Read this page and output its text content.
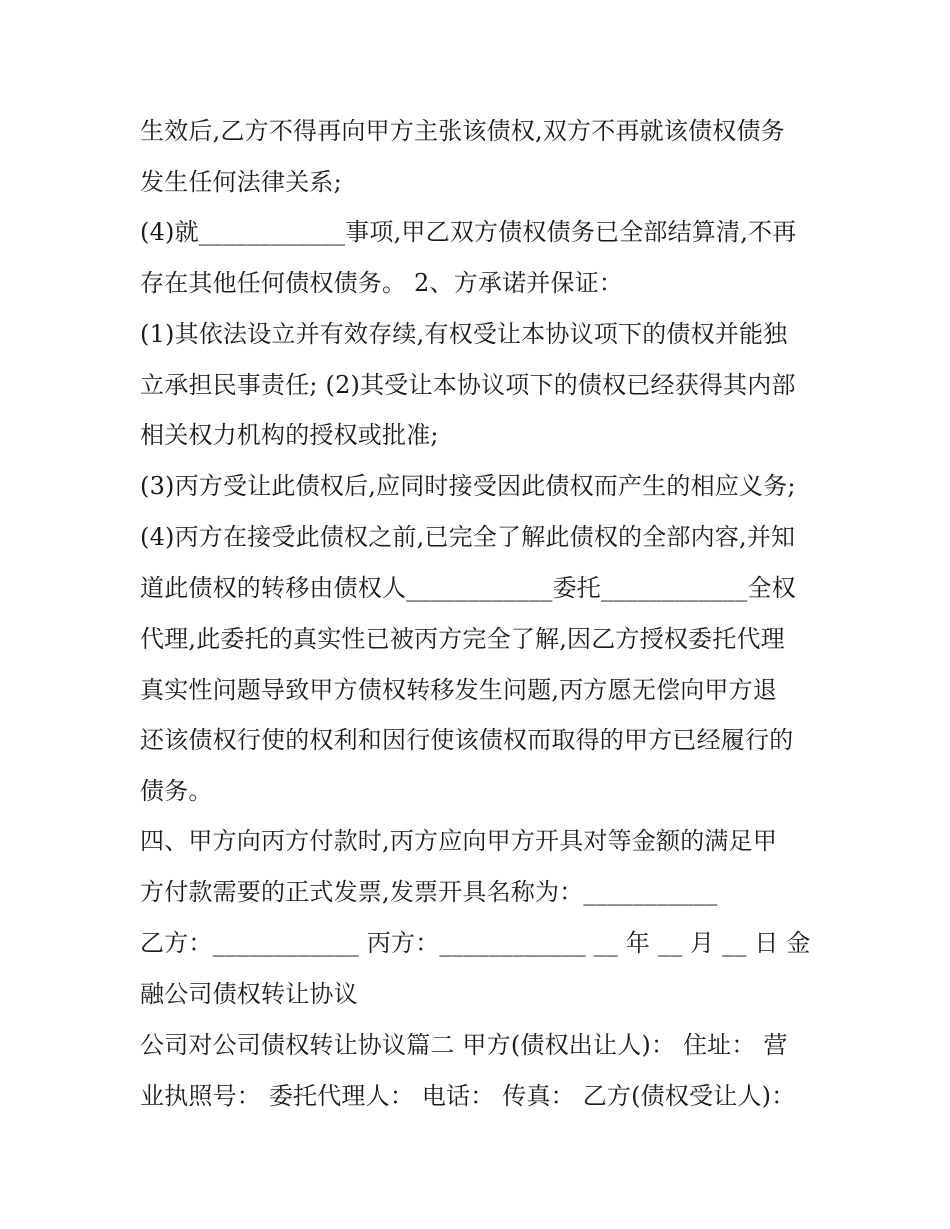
生效后,乙方不得再向甲方主张该债权,双方不再就该债权债务
发生任何法律关系;
(4)就____________事项,甲乙双方债权债务已全部结算清,不再
存在其他任何债权债务。 2、方承诺并保证：
(1)其依法设立并有效存续,有权受让本协议项下的债权并能独
立承担民事责任; (2)其受让本协议项下的债权已经获得其内部
相关权力机构的授权或批准;
(3)丙方受让此债权后,应同时接受因此债权而产生的相应义务;
(4)丙方在接受此债权之前,已完全了解此债权的全部内容,并知
道此债权的转移由债权人____________委托____________全权
代理,此委托的真实性已被丙方完全了解,因乙方授权委托代理
真实性问题导致甲方债权转移发生问题,丙方愿无偿向甲方退
还该债权行使的权利和因行使该债权而取得的甲方已经履行的
债务。
四、甲方向丙方付款时,丙方应向甲方开具对等金额的满足甲
方付款需要的正式发票,发票开具名称为：___________
乙方：____________ 丙方：____________ __ 年 __ 月 __ 日 金
融公司债权转让协议
公司对公司债权转让协议篇二 甲方(债权出让人)： 住址： 营
业执照号： 委托代理人： 电话： 传真： 乙方(债权受让人)：
